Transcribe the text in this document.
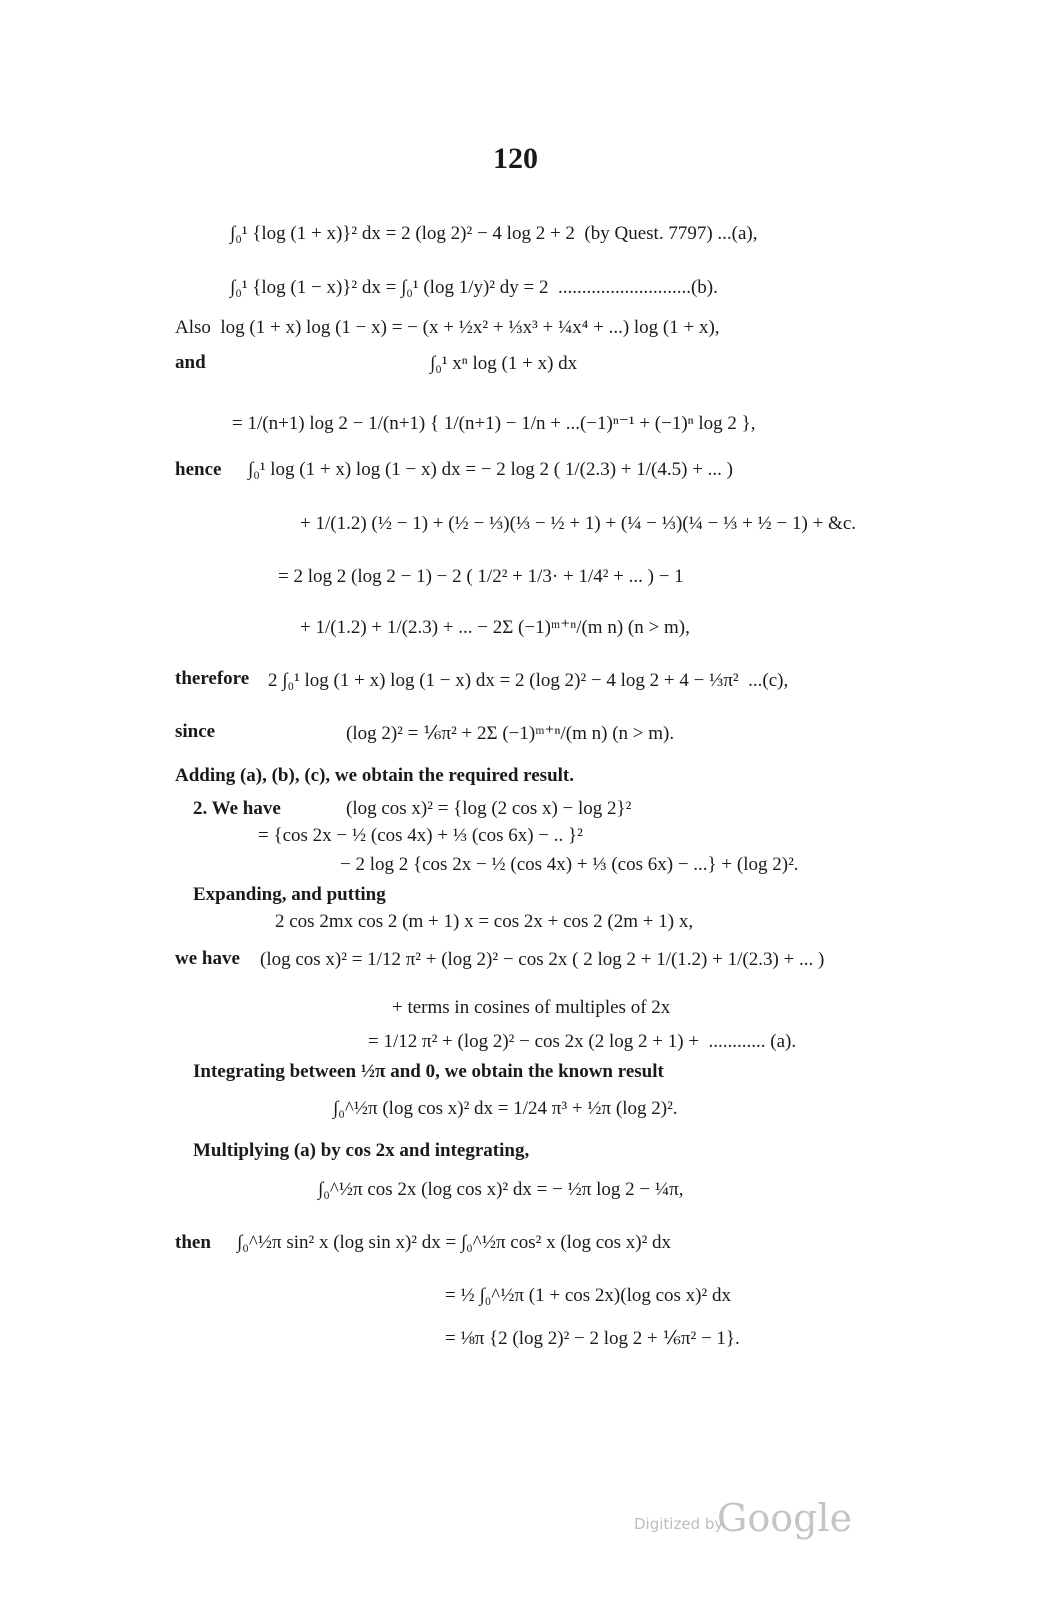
120
∫₀¹ {log (1 + x)}² dx = 2 (log 2)² − 4 log 2 + 2  (by Quest. 7797) ...(a),
∫₀¹ {log (1 − x)}² dx = ∫₀¹ (log 1/y)² dy = 2  ............................(b).
Also  log (1 + x) log (1 − x) = − (x + ½x² + ⅓x³ + ¼x⁴ + ...) log (1 + x),
and	∫₀¹ xⁿ log (1 + x) dx
= 1/(n+1) log 2 − 1/(n+1) { 1/(n+1) − 1/n + ...(−1)ⁿ⁻¹ + (−1)ⁿ log 2 },
hence ∫₀¹ log (1 + x) log (1 − x) dx = − 2 log 2 ( 1/(2.3) + 1/(4.5) + ... )
+ 1/(1.2) (½ − 1) + (½ − ⅓)(⅓ − ½ + 1) + (¼ − ⅓)(¼ − ⅓ + ½ − 1) + &c.
= 2 log 2 (log 2 − 1) − 2 ( 1/2² + 1/3· + 1/4² + ... ) − 1
+ 1/(1.2) + 1/(2.3) + ... − 2Σ (−1)ᵐ⁺ⁿ/(m n) (n > m),
therefore 2 ∫₀¹ log (1 + x) log (1 − x) dx = 2 (log 2)² − 4 log 2 + 4 − ⅓π²  ...(c),
since	(log 2)² = ⅙π² + 2Σ (−1)ᵐ⁺ⁿ/(m n) (n > m).
Adding (a), (b), (c), we obtain the required result.
2. We have	(log cos x)² = {log (2 cos x) − log 2}²
= {cos 2x − ½ (cos 4x) + ⅓ (cos 6x) − .. }²
− 2 log 2 {cos 2x − ½ (cos 4x) + ⅓ (cos 6x) − ...} + (log 2)².
Expanding, and putting
2 cos 2mx cos 2 (m + 1) x = cos 2x + cos 2 (2m + 1) x,
we have (log cos x)² = 1/12 π² + (log 2)² − cos 2x ( 2 log 2 + 1/(1.2) + 1/(2.3) + ... )
+ terms in cosines of multiples of 2x
= 1/12 π² + (log 2)² − cos 2x (2 log 2 + 1) +  ............ (a).
Integrating between ½π and 0, we obtain the known result
∫₀^½π (log cos x)² dx = 1/24 π³ + ½π (log 2)².
Multiplying (a) by cos 2x and integrating,
∫₀^½π cos 2x (log cos x)² dx = − ½π log 2 − ¼π,
then ∫₀^½π sin² x (log sin x)² dx = ∫₀^½π cos² x (log cos x)² dx
= ½ ∫₀^½π (1 + cos 2x)(log cos x)² dx
= ⅛π {2 (log 2)² − 2 log 2 + ⅙π² − 1}.
Digitized by
Google
